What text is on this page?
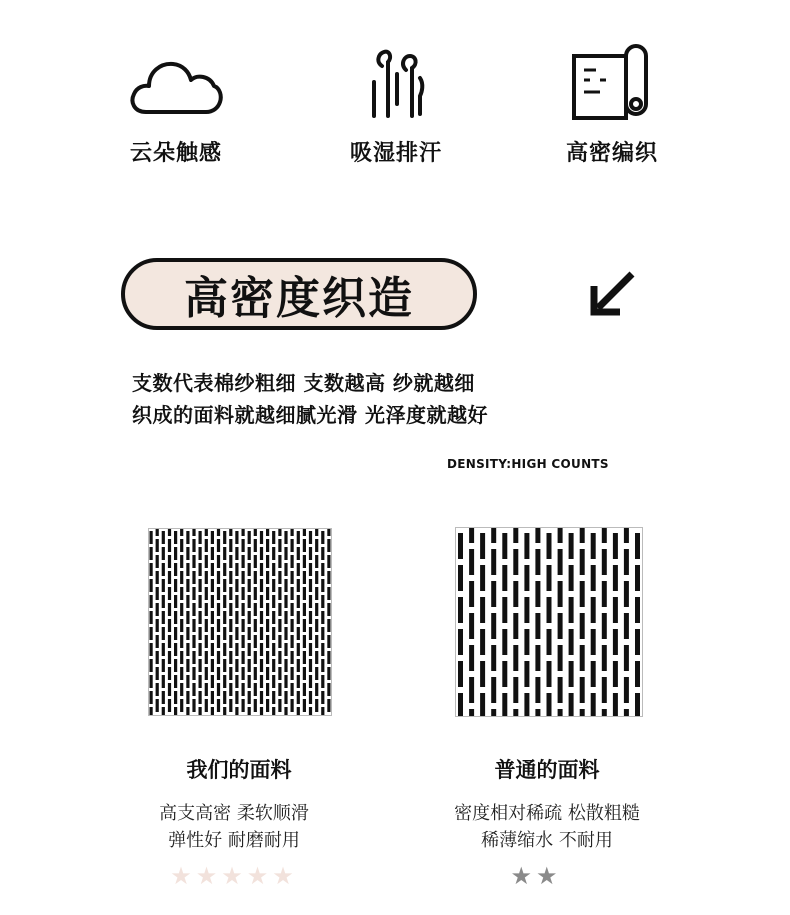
云朵触感	吸湿排汗	高密编织
高密度织造
支数代表棉纱粗细 支数越高 纱就越细
织成的面料就越细腻光滑 光泽度就越好
DENSITY:HIGH COUNTS
我们的面料
高支高密 柔软顺滑
弹性好 耐磨耐用
★★★★★
普通的面料
密度相对稀疏 松散粗糙
稀薄缩水 不耐用
★★
